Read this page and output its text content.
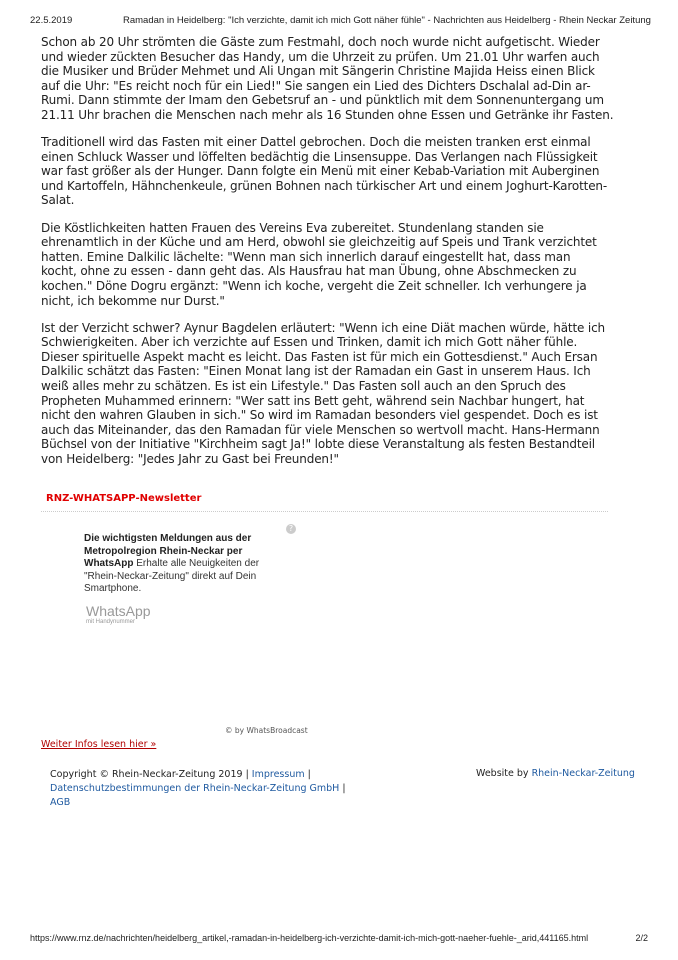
22.5.2019	Ramadan in Heidelberg: "Ich verzichte, damit ich mich Gott näher fühle" - Nachrichten aus Heidelberg - Rhein Neckar Zeitung

Schon ab 20 Uhr strömten die Gäste zum Festmahl, doch noch wurde nicht aufgetischt. Wieder
und wieder zückten Besucher das Handy, um die Uhrzeit zu prüfen. Um 21.01 Uhr warfen auch
die Musiker und Brüder Mehmet und Ali Ungan mit Sängerin Christine Majida Heiss einen Blick
auf die Uhr: "Es reicht noch für ein Lied!" Sie sangen ein Lied des Dichters Dschalal ad-Din ar-
Rumi. Dann stimmte der Imam den Gebetsruf an - und pünktlich mit dem Sonnenuntergang um
21.11 Uhr brachen die Menschen nach mehr als 16 Stunden ohne Essen und Getränke ihr Fasten.

Traditionell wird das Fasten mit einer Dattel gebrochen. Doch die meisten tranken erst einmal
einen Schluck Wasser und löffelten bedächtig die Linsensuppe. Das Verlangen nach Flüssigkeit
war fast größer als der Hunger. Dann folgte ein Menü mit einer Kebab-Variation mit Auberginen
und Kartoffeln, Hähnchenkeule, grünen Bohnen nach türkischer Art und einem Joghurt-Karotten-
Salat.

Die Köstlichkeiten hatten Frauen des Vereins Eva zubereitet. Stundenlang standen sie
ehrenamtlich in der Küche und am Herd, obwohl sie gleichzeitig auf Speis und Trank verzichtet
hatten. Emine Dalkilic lächelte: "Wenn man sich innerlich darauf eingestellt hat, dass man
kocht, ohne zu essen - dann geht das. Als Hausfrau hat man Übung, ohne Abschmecken zu
kochen." Döne Dogru ergänzt: "Wenn ich koche, vergeht die Zeit schneller. Ich verhungere ja
nicht, ich bekomme nur Durst."

Ist der Verzicht schwer? Aynur Bagdelen erläutert: "Wenn ich eine Diät machen würde, hätte ich
Schwierigkeiten. Aber ich verzichte auf Essen und Trinken, damit ich mich Gott näher fühle.
Dieser spirituelle Aspekt macht es leicht. Das Fasten ist für mich ein Gottesdienst." Auch Ersan
Dalkilic schätzt das Fasten: "Einen Monat lang ist der Ramadan ein Gast in unserem Haus. Ich
weiß alles mehr zu schätzen. Es ist ein Lifestyle." Das Fasten soll auch an den Spruch des
Propheten Muhammed erinnern: "Wer satt ins Bett geht, während sein Nachbar hungert, hat
nicht den wahren Glauben in sich." So wird im Ramadan besonders viel gespendet. Doch es ist
auch das Miteinander, das den Ramadan für viele Menschen so wertvoll macht. Hans-Hermann
Büchsel von der Initiative "Kirchheim sagt Ja!" lobte diese Veranstaltung als festen Bestandteil
von Heidelberg: "Jedes Jahr zu Gast bei Freunden!"

RNZ-WHATSAPP-Newsletter
?
Die wichtigsten Meldungen aus der Metropolregion Rhein-Neckar per WhatsApp Erhalte alle Neuigkeiten der "Rhein-Neckar-Zeitung" direkt auf Dein Smartphone.
WhatsApp
mit Handynummer
© by WhatsBroadcast
Weiter Infos lesen hier »
Copyright © Rhein-Neckar-Zeitung 2019 | Impressum |
Datenschutzbestimmungen der Rhein-Neckar-Zeitung GmbH |
AGB
Website by Rhein-Neckar-Zeitung
https://www.rnz.de/nachrichten/heidelberg_artikel,-ramadan-in-heidelberg-ich-verzichte-damit-ich-mich-gott-naeher-fuehle-_arid,441165.html	2/2
